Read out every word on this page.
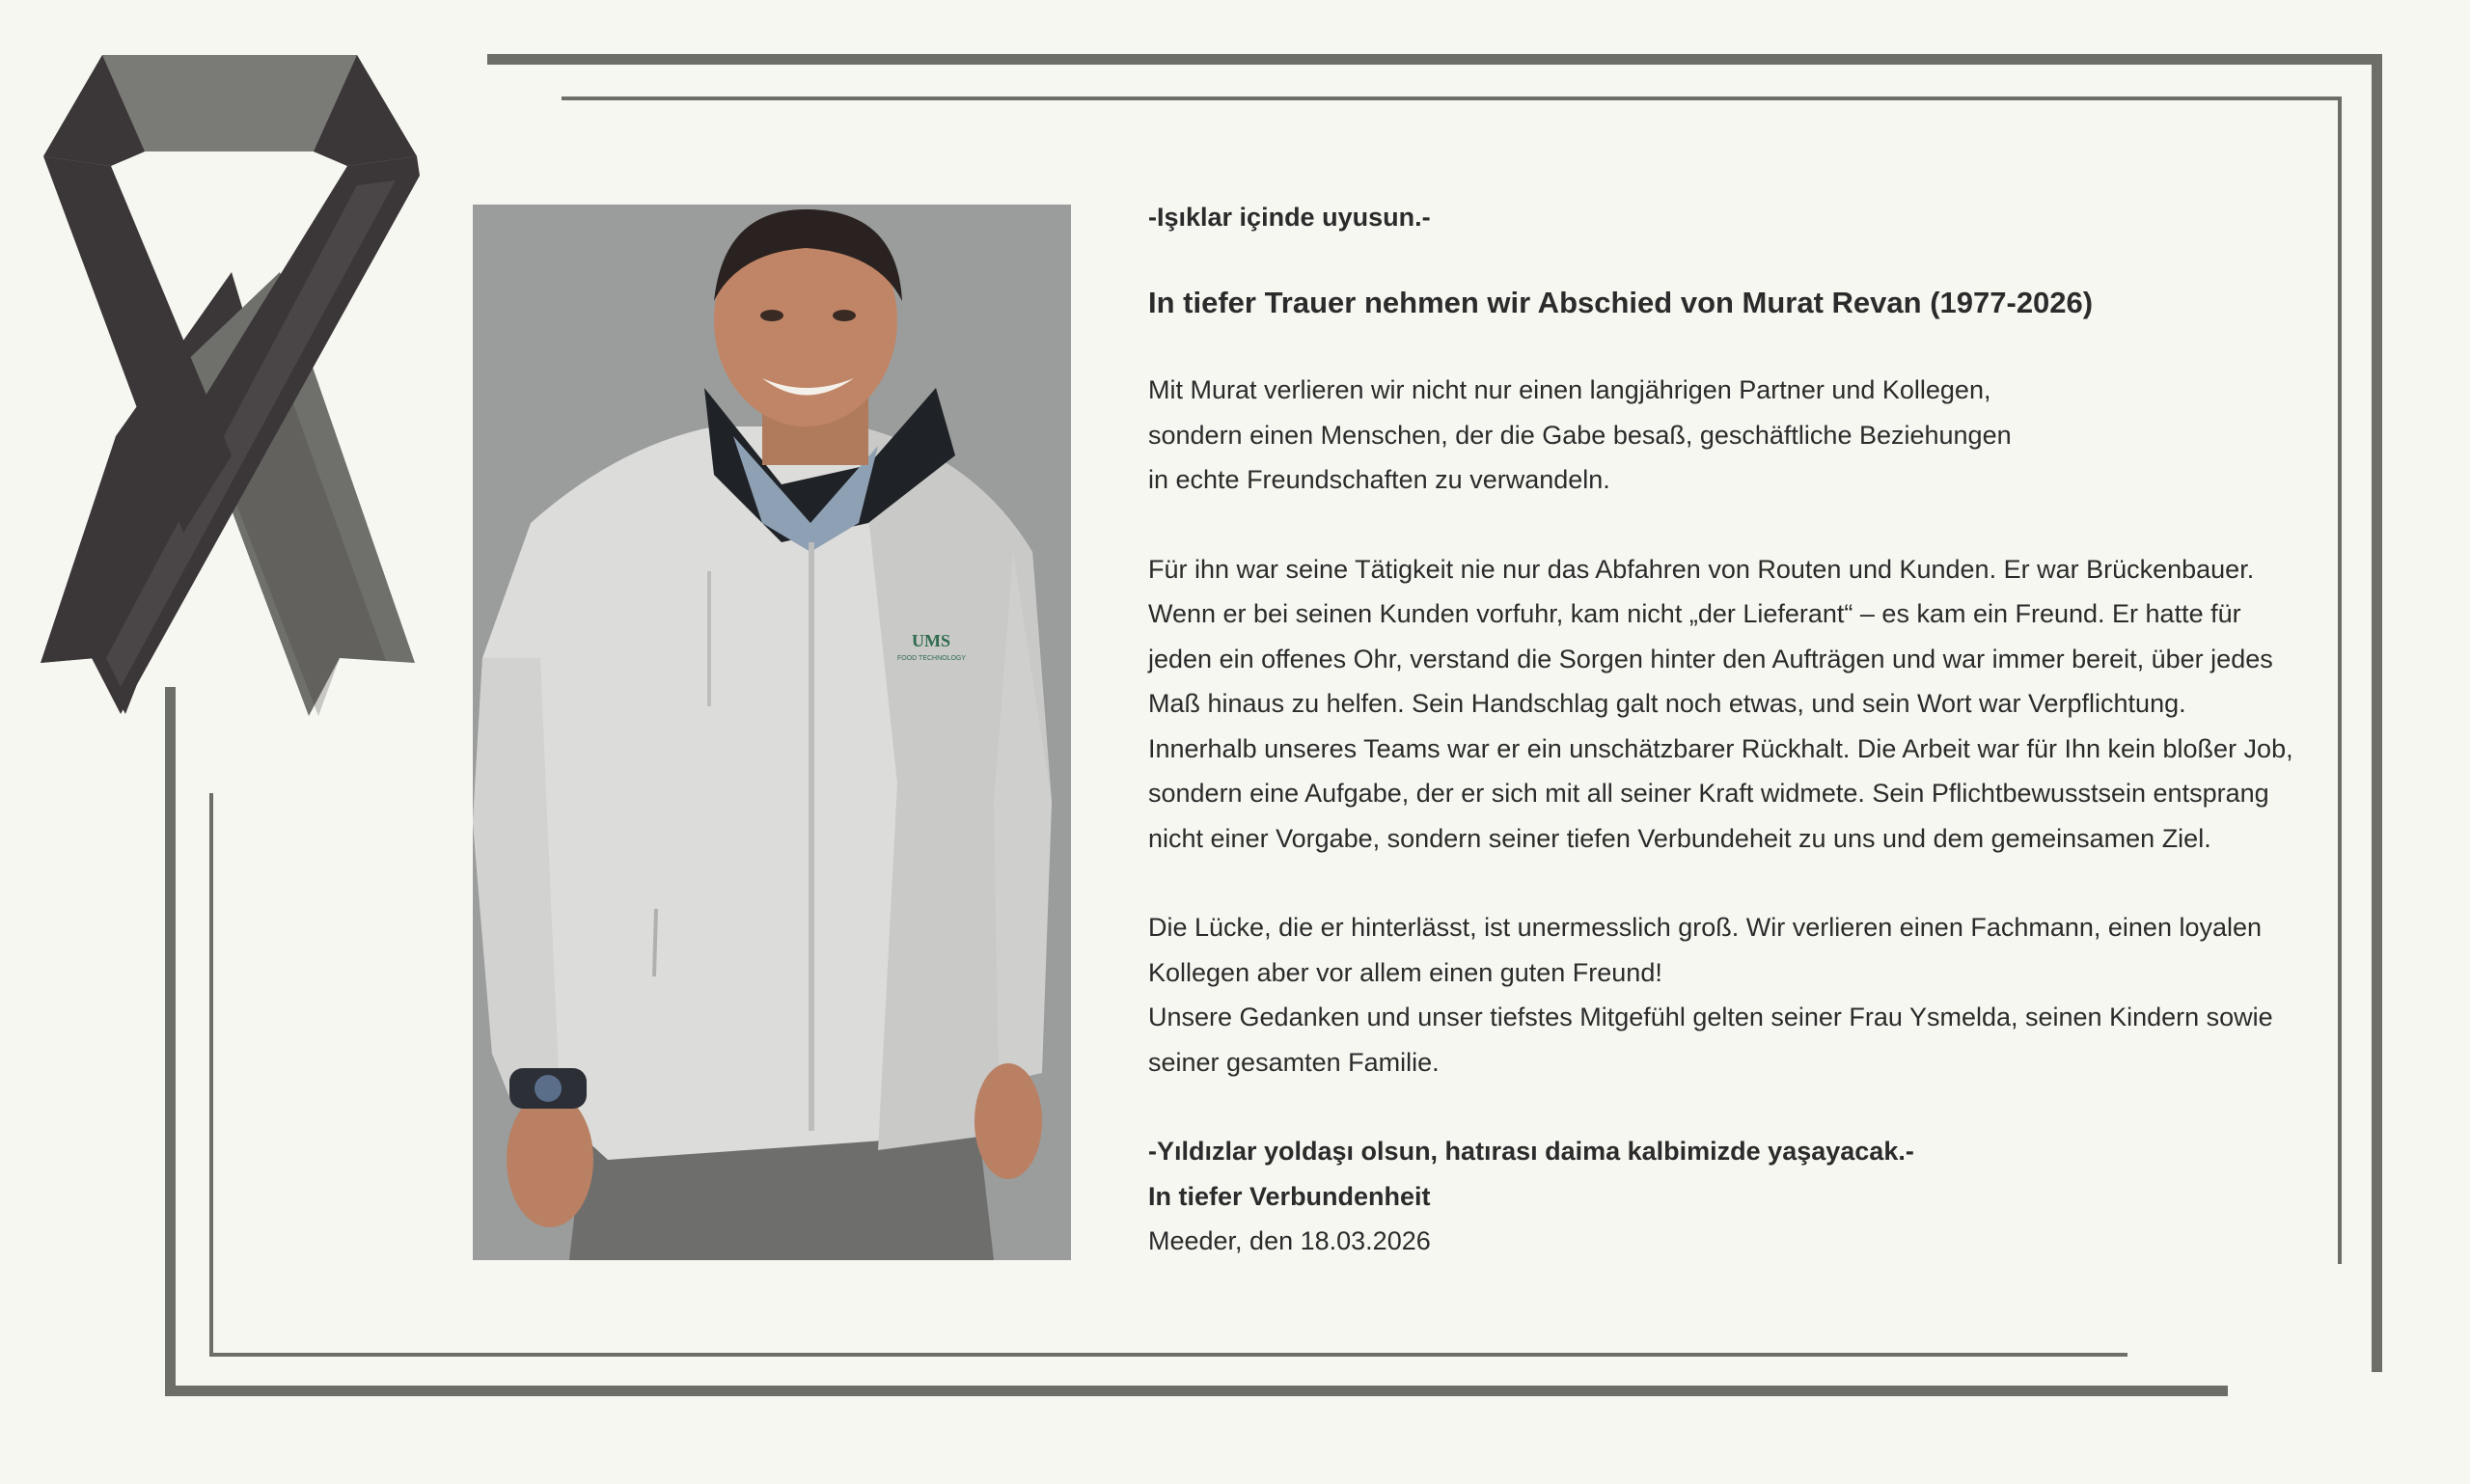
UMS
FOOD TECHNOLOGY

-Işıklar içinde uyusun.-

In tiefer Trauer nehmen wir Abschied von Murat Revan (1977-2026)

Mit Murat verlieren wir nicht nur einen langjährigen Partner und Kollegen,

sondern einen Menschen, der die Gabe besaß, geschäftliche Beziehungen

in echte Freundschaften zu verwandeln.

Für ihn war seine Tätigkeit nie nur das Abfahren von Routen und Kunden. Er war Brückenbauer.

Wenn er bei seinen Kunden vorfuhr, kam nicht „der Lieferant“ – es kam ein Freund. Er hatte für

jeden ein offenes Ohr, verstand die Sorgen hinter den Aufträgen und war immer bereit, über jedes

Maß hinaus zu helfen. Sein Handschlag galt noch etwas, und sein Wort war Verpflichtung.

Innerhalb unseres Teams war er ein unschätzbarer Rückhalt. Die Arbeit war für Ihn kein bloßer Job,

sondern eine Aufgabe, der er sich mit all seiner Kraft widmete. Sein Pflichtbewusstsein entsprang

nicht einer Vorgabe, sondern seiner tiefen Verbundeheit zu uns und dem gemeinsamen Ziel.

Die Lücke, die er hinterlässt, ist unermesslich groß. Wir verlieren einen Fachmann, einen loyalen

Kollegen aber vor allem einen guten Freund!

Unsere Gedanken und unser tiefstes Mitgefühl gelten seiner Frau Ysmelda, seinen Kindern sowie

seiner gesamten Familie.

-Yıldızlar yoldaşı olsun, hatırası daima kalbimizde yaşayacak.-

In tiefer Verbundenheit

Meeder, den 18.03.2026
